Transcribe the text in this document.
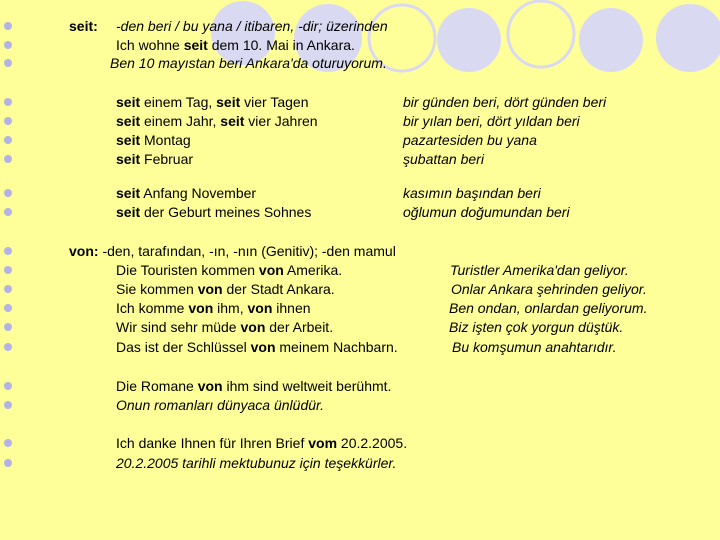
seit: -den beri / bu yana / itibaren, -dir; üzerinden
Ich wohne seit dem 10. Mai in Ankara.
Ben 10 mayıstan beri Ankara'da oturuyorum.
seit einem Tag, seit vier Tagen	bir günden beri, dört günden beri
seit einem Jahr, seit vier Jahren	bir yılan beri, dört yıldan beri
seit Montag	pazartesiden bu yana
seit Februar	şubattan beri
seit Anfang November	kasımın başından beri
seit der Geburt meines Sohnes	oğlumun doğumundan beri
von: -den, tarafından, -ın, -nın (Genitiv); -den mamul
Die Touristen kommen von Amerika.	Turistler Amerika'dan geliyor.
Sie kommen von der Stadt Ankara.	Onlar Ankara şehrinden geliyor.
Ich komme von ihm, von ihnen	Ben ondan, onlardan geliyorum.
Wir sind sehr müde von der Arbeit.	Biz işten çok yorgun düştük.
Das ist der Schlüssel von meinem Nachbarn.	Bu komşumun anahtarıdır.
Die Romane von ihm sind weltweit berühmt.
Onun romanları dünyaca ünlüdür.
Ich danke Ihnen für Ihren Brief vom 20.2.2005.
20.2.2005 tarihli mektubunuz için teşekkürler.
